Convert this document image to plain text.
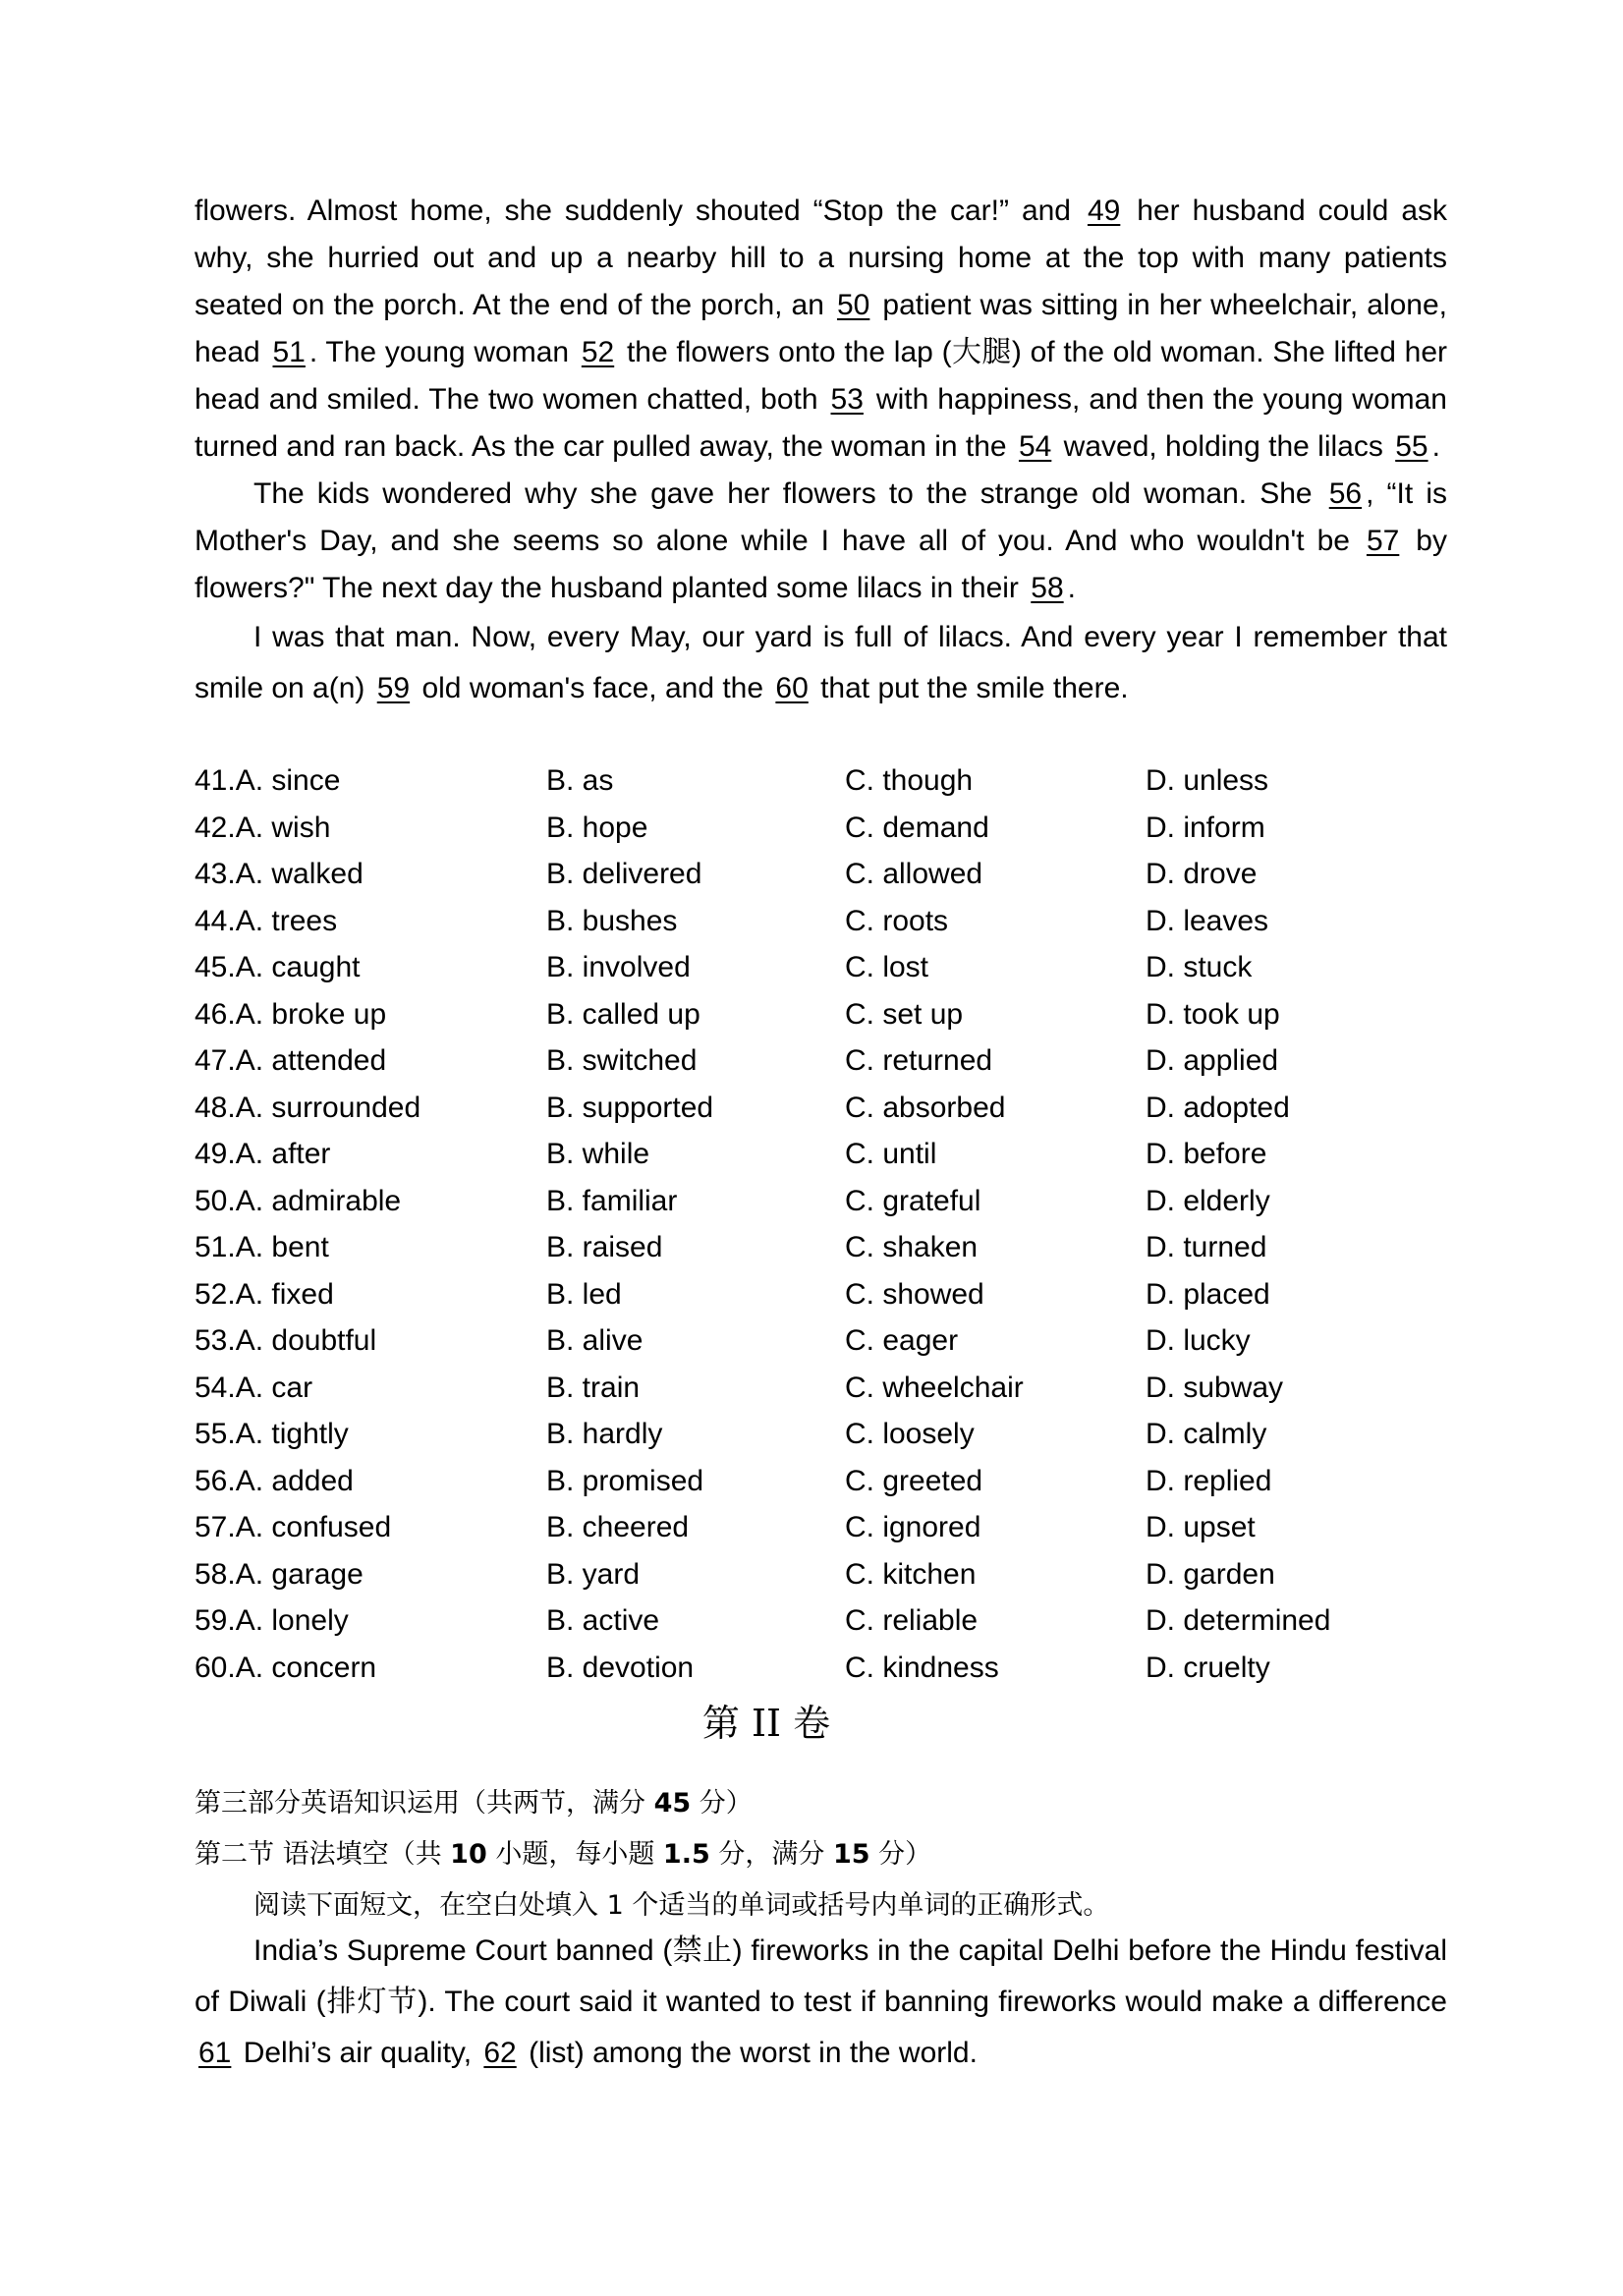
flowers. Almost home, she suddenly shouted “Stop the car!” and 49 her husband could ask why, she hurried out and up a nearby hill to a nursing home at the top with many patients seated on the porch. At the end of the porch, an 50 patient was sitting in her wheelchair, alone, head 51 . The young woman 52 the flowers onto the lap (大腿) of the old woman. She lifted her head and smiled. The two women chatted, both 53 with happiness, and then the young woman turned and ran back. As the car pulled away, the woman in the 54 waved, holding the lilacs 55 .

The kids wondered why she gave her flowers to the strange old woman. She 56 , “It is Mother's Day, and she seems so alone while I have all of you. And who wouldn't be 57 by flowers?" The next day the husband planted some lilacs in their 58 .

I was that man. Now, every May, our yard is full of lilacs. And every year I remember that smile on a(n) 59 old woman's face, and the 60 that put the smile there.

41.A. since	B. as	C. though	D. unless
42.A. wish	B. hope	C. demand	D. inform
43.A. walked	B. delivered	C. allowed	D. drove
44.A. trees	B. bushes	C. roots	D. leaves
45.A. caught	B. involved	C. lost	D. stuck
46.A. broke up	B. called up	C. set up	D. took up
47.A. attended	B. switched	C. returned	D. applied
48.A. surrounded	B. supported	C. absorbed	D. adopted
49.A. after	B. while	C. until	D. before
50.A. admirable	B. familiar	C. grateful	D. elderly
51.A. bent	B. raised	C. shaken	D. turned
52.A. fixed	B. led	C. showed	D. placed
53.A. doubtful	B. alive	C. eager	D. lucky
54.A. car	B. train	C. wheelchair	D. subway
55.A. tightly	B. hardly	C. loosely	D. calmly
56.A. added	B. promised	C. greeted	D. replied
57.A. confused	B. cheered	C. ignored	D. upset
58.A. garage	B. yard	C. kitchen	D. garden
59.A. lonely	B. active	C. reliable	D. determined
60.A. concern	B. devotion	C. kindness	D. cruelty
第 II 卷

第三部分英语知识运用（共两节，满分 45 分）

第二节 语法填空（共 10 小题，每小题 1.5 分，满分 15 分）

阅读下面短文，在空白处填入 1 个适当的单词或括号内单词的正确形式。

India’s Supreme Court banned (禁止) fireworks in the capital Delhi before the Hindu festival of Diwali (排灯节). The court said it wanted to test if banning fireworks would make a difference 61 Delhi’s air quality, 62 (list) among the worst in the world.
